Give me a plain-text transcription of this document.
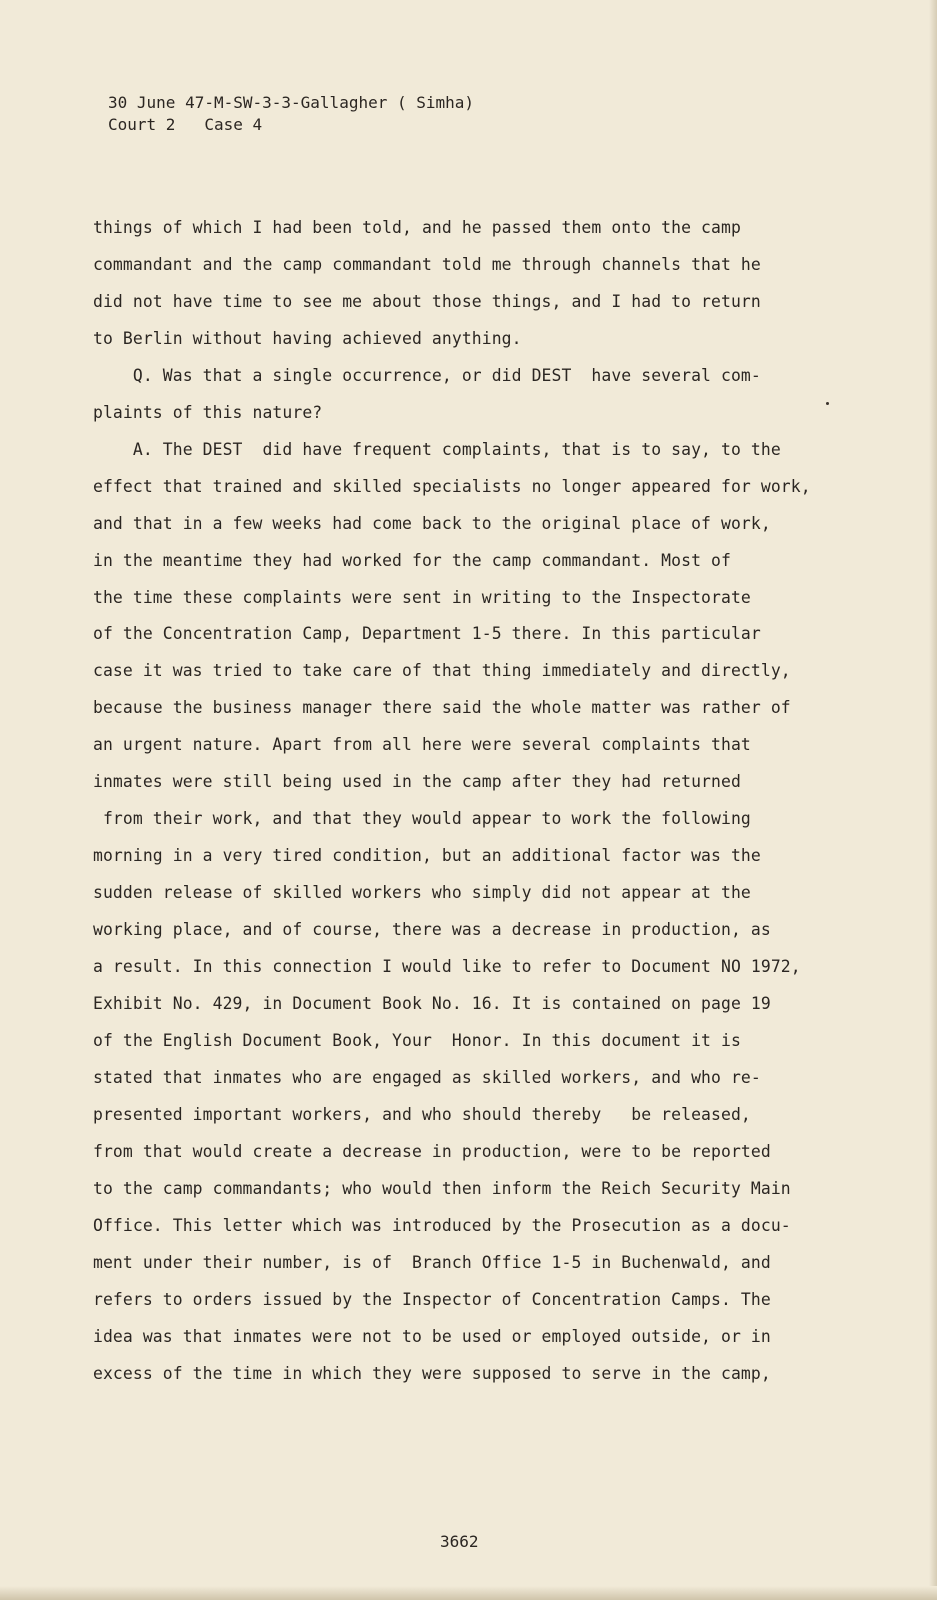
30 June 47-M-SW-3-3-Gallagher ( Simha)
Court 2   Case 4
things of which I had been told, and he passed them onto the camp
commandant and the camp commandant told me through channels that he
did not have time to see me about those things, and I had to return
to Berlin without having achieved anything.
Q. Was that a single occurrence, or did DEST  have several com-
plaints of this nature?
A. The DEST  did have frequent complaints, that is to say, to the
effect that trained and skilled specialists no longer appeared for work,
and that in a few weeks had come back to the original place of work,
in the meantime they had worked for the camp commandant. Most of
the time these complaints were sent in writing to the Inspectorate
of the Concentration Camp, Department 1-5 there. In this particular
case it was tried to take care of that thing immediately and directly,
because the business manager there said the whole matter was rather of
an urgent nature. Apart from all here were several complaints that
inmates were still being used in the camp after they had returned
from their work, and that they would appear to work the following
morning in a very tired condition, but an additional factor was the
sudden release of skilled workers who simply did not appear at the
working place, and of course, there was a decrease in production, as
a result. In this connection I would like to refer to Document NO 1972,
Exhibit No. 429, in Document Book No. 16. It is contained on page 19
of the English Document Book, Your  Honor. In this document it is
stated that inmates who are engaged as skilled workers, and who re-
presented important workers, and who should thereby   be released,
from that would create a decrease in production, were to be reported
to the camp commandants; who would then inform the Reich Security Main
Office. This letter which was introduced by the Prosecution as a docu-
ment under their number, is of  Branch Office 1-5 in Buchenwald, and
refers to orders issued by the Inspector of Concentration Camps. The
idea was that inmates were not to be used or employed outside, or in
excess of the time in which they were supposed to serve in the camp,
3662
